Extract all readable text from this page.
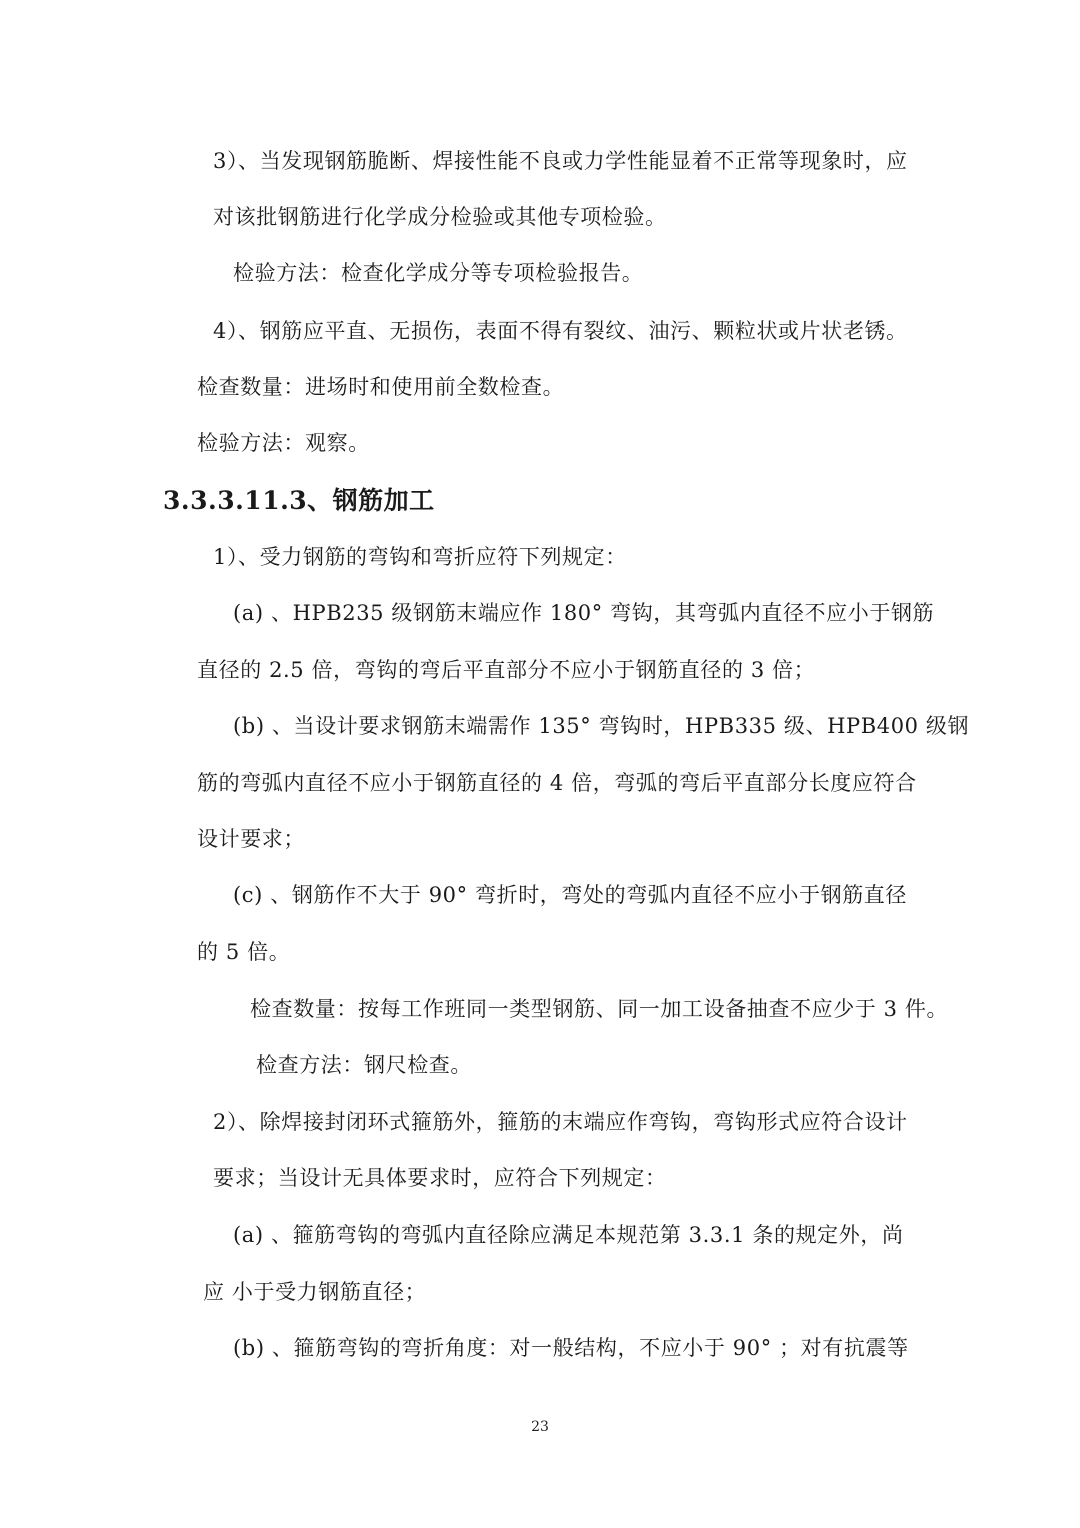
3）、当发现钢筋脆断、焊接性能不良或力学性能显着不正常等现象时，应
对该批钢筋进行化学成分检验或其他专项检验。
检验方法：检查化学成分等专项检验报告。
4）、钢筋应平直、无损伤，表面不得有裂纹、油污、颗粒状或片状老锈。
检查数量：进场时和使用前全数检查。
检验方法：观察。
3.3.3.11.3、钢筋加工
1）、受力钢筋的弯钩和弯折应符下列规定：
(a) 、HPB235 级钢筋末端应作 180° 弯钩，其弯弧内直径不应小于钢筋
直径的 2.5 倍，弯钩的弯后平直部分不应小于钢筋直径的 3 倍；
(b) 、当设计要求钢筋末端需作 135° 弯钩时，HPB335 级、HPB400 级钢
筋的弯弧内直径不应小于钢筋直径的 4 倍，弯弧的弯后平直部分长度应符合
设计要求；
(c) 、钢筋作不大于 90° 弯折时，弯处的弯弧内直径不应小于钢筋直径
的 5 倍。
检查数量：按每工作班同一类型钢筋、同一加工设备抽查不应少于 3 件。
检查方法：钢尺检查。
2）、除焊接封闭环式箍筋外，箍筋的末端应作弯钩，弯钩形式应符合设计
要求；当设计无具体要求时，应符合下列规定：
(a) 、箍筋弯钩的弯弧内直径除应满足本规范第 3.3.1 条的规定外，尚
应 小于受力钢筋直径；
(b) 、箍筋弯钩的弯折角度：对一般结构，不应小于 90° ；对有抗震等
23
